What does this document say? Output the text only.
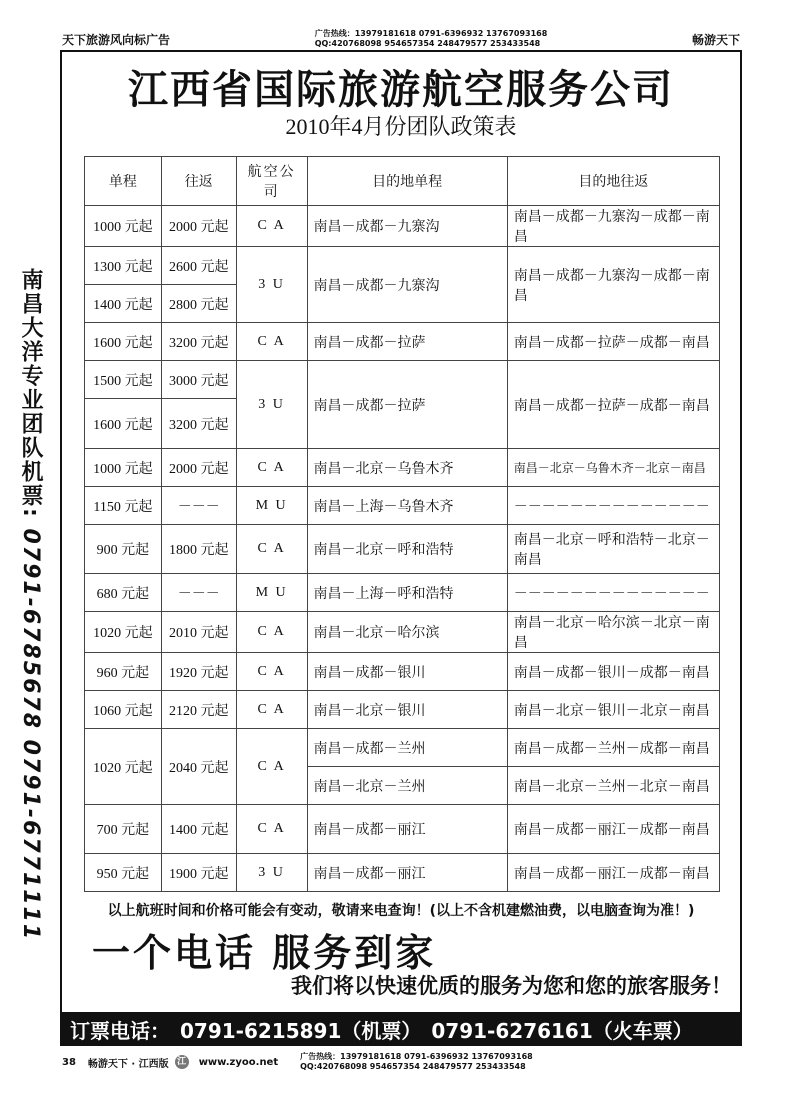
天下旅游风向标广告	广告热线：13979181618 0791-6396932 13767093168
QQ:420768098 954657354 248479577 253433548	畅游天下
南昌大洋专业团队机票: 0791-6785678 0791-6771111
江西省国际旅游航空服务公司
2010年4月份团队政策表
单程	往返	航空公司	目的地单程	目的地往返
1000 元起	2000 元起	C A	南昌－成都－九寨沟	南昌－成都－九寨沟－成都－南昌
1300 元起	2600 元起	3 U	南昌－成都－九寨沟	南昌－成都－九寨沟－成都－南昌
1400 元起	2800 元起			
1600 元起	3200 元起	C A	南昌－成都－拉萨	南昌－成都－拉萨－成都－南昌
1500 元起	3000 元起	3 U	南昌－成都－拉萨	南昌－成都－拉萨－成都－南昌
1600 元起	3200 元起			
1000 元起	2000 元起	C A	南昌－北京－乌鲁木齐	南昌－北京－乌鲁木齐－北京－南昌
1150 元起	－－－	M U	南昌－上海－乌鲁木齐	－－－－－－－－－－－－－－
900 元起	1800 元起	C A	南昌－北京－呼和浩特	南昌－北京－呼和浩特－北京－南昌
680 元起	－－－	M U	南昌－上海－呼和浩特	－－－－－－－－－－－－－－
1020 元起	2010 元起	C A	南昌－北京－哈尔滨	南昌－北京－哈尔滨－北京－南昌
960 元起	1920 元起	C A	南昌－成都－银川	南昌－成都－银川－成都－南昌
1060 元起	2120 元起	C A	南昌－北京－银川	南昌－北京－银川－北京－南昌
1020 元起	2040 元起	C A	南昌－成都－兰州	南昌－成都－兰州－成都－南昌
			南昌－北京－兰州	南昌－北京－兰州－北京－南昌
700 元起	1400 元起	C A	南昌－成都－丽江	南昌－成都－丽江－成都－南昌
950 元起	1900 元起	3 U	南昌－成都－丽江	南昌－成都－丽江－成都－南昌
以上航班时间和价格可能会有变动，敬请来电查询！(以上不含机建燃油费，以电脑查询为准！)
一个电话 服务到家
我们将以快速优质的服务为您和您的旅客服务！
订票电话： 0791-6215891（机票） 0791-6276161（火车票）
38 畅游天下 · 江西版 江 www.zyoo.net	广告热线：13979181618 0791-6396932 13767093168
QQ:420768098 954657354 248479577 253433548
